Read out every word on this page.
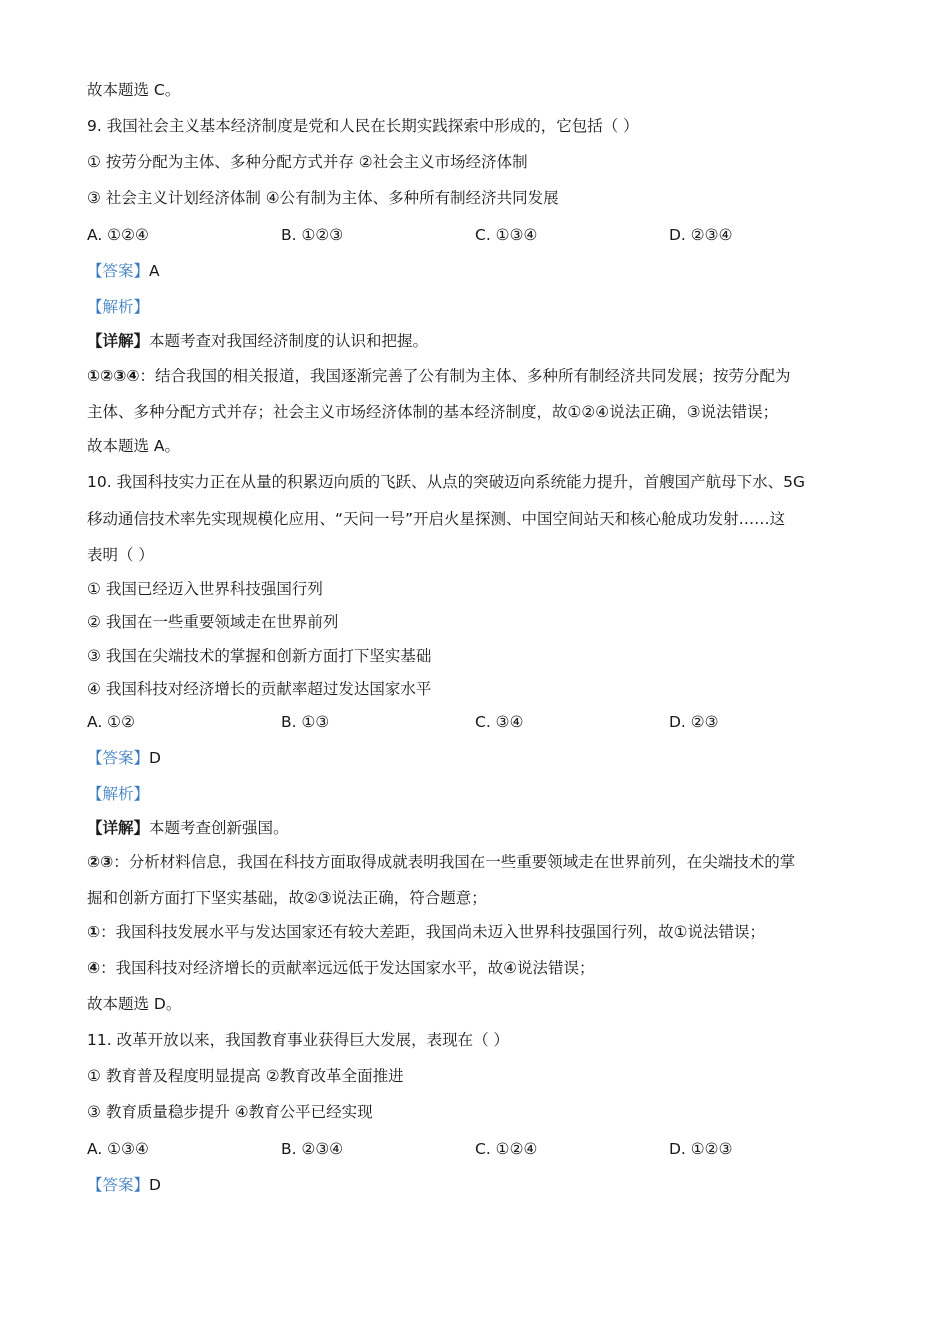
故本题选 C。
9. 我国社会主义基本经济制度是党和人民在长期实践探索中形成的，它包括（ ）
① 按劳分配为主体、多种分配方式并存 ②社会主义市场经济体制
③ 社会主义计划经济体制 ④公有制为主体、多种所有制经济共同发展
A. ①②④	B. ①②③	C. ①③④	D. ②③④
【答案】A
【解析】
【详解】本题考查对我国经济制度的认识和把握。
①②③④：结合我国的相关报道，我国逐渐完善了公有制为主体、多种所有制经济共同发展；按劳分配为
主体、多种分配方式并存；社会主义市场经济体制的基本经济制度，故①②④说法正确，③说法错误；
故本题选 A。
10. 我国科技实力正在从量的积累迈向质的飞跃、从点的突破迈向系统能力提升，首艘国产航母下水、5G
移动通信技术率先实现规模化应用、“天问一号”开启火星探测、中国空间站天和核心舱成功发射……这
表明（ ）
① 我国已经迈入世界科技强国行列
② 我国在一些重要领域走在世界前列
③ 我国在尖端技术的掌握和创新方面打下坚实基础
④ 我国科技对经济增长的贡献率超过发达国家水平
A. ①②	B. ①③	C. ③④	D. ②③
【答案】D
【解析】
【详解】本题考查创新强国。
②③：分析材料信息，我国在科技方面取得成就表明我国在一些重要领域走在世界前列，在尖端技术的掌
掘和创新方面打下坚实基础，故②③说法正确，符合题意；
①：我国科技发展水平与发达国家还有较大差距，我国尚未迈入世界科技强国行列，故①说法错误；
④：我国科技对经济增长的贡献率远远低于发达国家水平，故④说法错误；
故本题选 D。
11. 改革开放以来，我国教育事业获得巨大发展，表现在（ ）
① 教育普及程度明显提高 ②教育改革全面推进
③ 教育质量稳步提升 ④教育公平已经实现
A. ①③④	B. ②③④	C. ①②④	D. ①②③
【答案】D
